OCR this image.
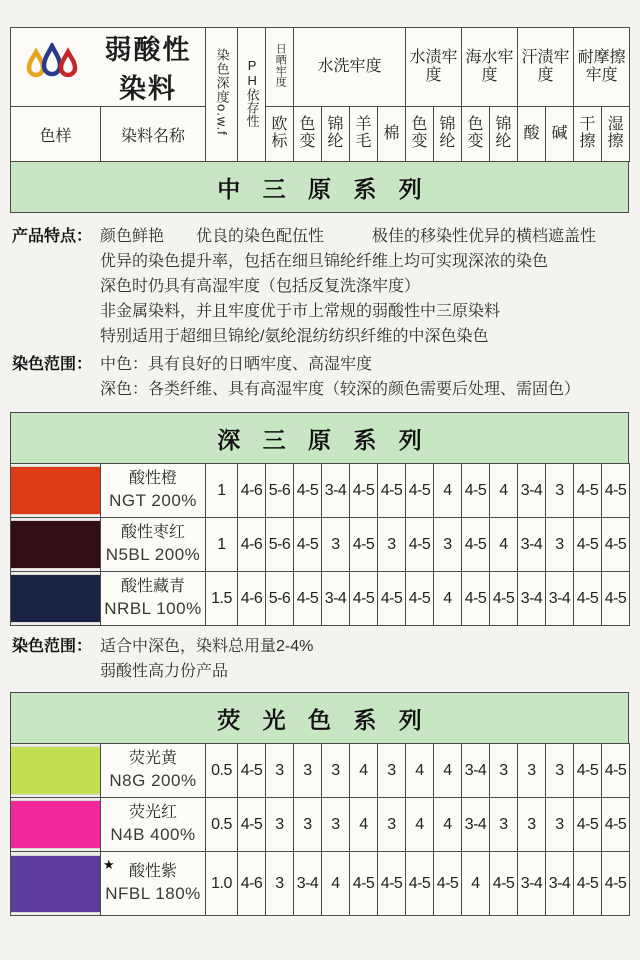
弱酸性染料		染色深度o.w.f	PH依存性	日晒牢度	水洗牢度				水渍牢度		海水牢度		汗渍牢度		耐摩擦牢度	
色样	染料名称			欧标	色变	锦纶	羊毛	棉	色变	锦纶	色变	锦纶	酸	碱	干擦	湿擦
中 三 原 系 列
产品特点： 颜色鲜艳　　优良的染色配伍性　　　极佳的移染性优异的横档遮盖性
优异的染色提升率，包括在细旦锦纶纤维上均可实现深浓的染色
深色时仍具有高湿牢度（包括反复洗涤牢度）
非金属染料，并且牢度优于市上常规的弱酸性中三原染料
特别适用于超细旦锦纶/氨纶混纺纺织纤维的中深色染色
染色范围： 中色：具有良好的日晒牢度、高湿牢度
深色：各类纤维、具有高湿牢度（较深的颜色需要后处理、需固色）
深 三 原 系 列

	酸性橙
NGT 200%	1	4-6	5-6	4-5	3-4	4-5	4-5	4-5	4	4-5	4	3-4	3	4-5	4-5

	酸性枣红
N5BL 200%	1	4-6	5-6	4-5	3	4-5	3	4-5	3	4-5	4	3-4	3	4-5	4-5

	酸性藏青
NRBL 100%	1.5	4-6	5-6	4-5	3-4	4-5	4-5	4-5	4	4-5	4-5	3-4	3-4	4-5	4-5
染色范围： 适合中深色，染料总用量2-4%
弱酸性高力份产品
荧 光 色 系 列

	荧光黄
N8G 200%	0.5	4-5	3	3	3	4	3	4	4	3-4	3	3	3	4-5	4-5

	荧光红
N4B 400%	0.5	4-5	3	3	3	4	3	4	4	3-4	3	3	3	4-5	4-5

	★ 酸性紫
NFBL 180%	1.0	4-6	3	3-4	4	4-5	4-5	4-5	4-5	4	4-5	3-4	3-4	4-5	4-5
